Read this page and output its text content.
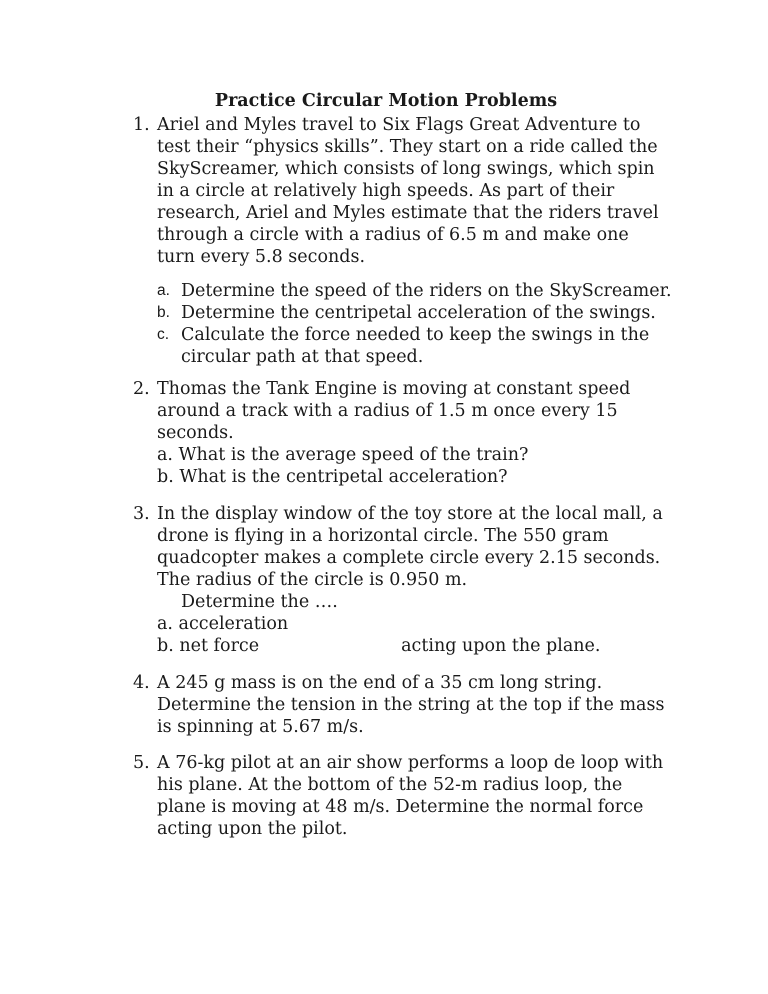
Practice Circular Motion Problems
1. Ariel and Myles travel to Six Flags Great Adventure to
test their “physics skills”. They start on a ride called the
SkyScreamer, which consists of long swings, which spin
in a circle at relatively high speeds. As part of their
research, Ariel and Myles estimate that the riders travel
through a circle with a radius of 6.5 m and make one
turn every 5.8 seconds.
a. Determine the speed of the riders on the SkyScreamer.
b. Determine the centripetal acceleration of the swings.
c. Calculate the force needed to keep the swings in the
circular path at that speed.
2. Thomas the Tank Engine is moving at constant speed
around a track with a radius of 1.5 m once every 15
seconds.
a. What is the average speed of the train?
b. What is the centripetal acceleration?
3. In the display window of the toy store at the local mall, a
drone is flying in a horizontal circle. The 550 gram
quadcopter makes a complete circle every 2.15 seconds.
The radius of the circle is 0.950 m.
Determine the ….
a. acceleration
b. net force	acting upon the plane.
4. A 245 g mass is on the end of a 35 cm long string.
Determine the tension in the string at the top if the mass
is spinning at 5.67 m/s.
5. A 76-kg pilot at an air show performs a loop de loop with
his plane. At the bottom of the 52-m radius loop, the
plane is moving at 48 m/s. Determine the normal force
acting upon the pilot.
